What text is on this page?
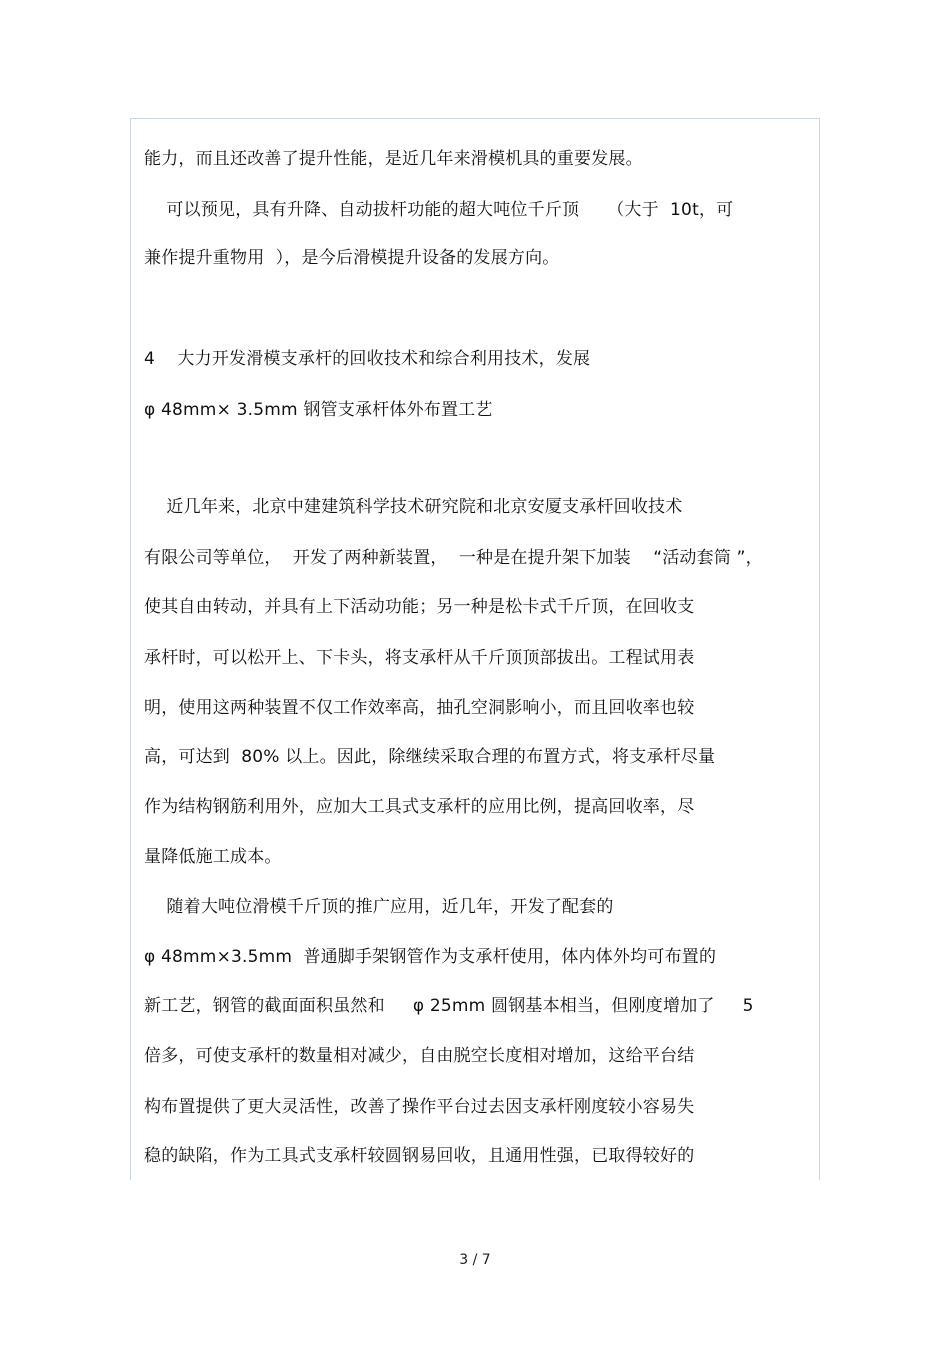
能力，而且还改善了提升性能，是近几年来滑模机具的重要发展。
可以预见，具有升降、自动拔杆功能的超大吨位千斤顶     （大于  10t，可
兼作提升重物用  ），是今后滑模提升设备的发展方向。
4    大力开发滑模支承杆的回收技术和综合利用技术，发展
φ 48mm× 3.5mm 钢管支承杆体外布置工艺
近几年来，北京中建建筑科学技术研究院和北京安厦支承杆回收技术
有限公司等单位，  开发了两种新装置，  一种是在提升架下加装    “活动套筒 ”，
使其自由转动，并具有上下活动功能；另一种是松卡式千斤顶，在回收支
承杆时，可以松开上、下卡头，将支承杆从千斤顶顶部拔出。工程试用表
明，使用这两种装置不仅工作效率高，抽孔空洞影响小，而且回收率也较
高，可达到  80% 以上。因此，除继续采取合理的布置方式，将支承杆尽量
作为结构钢筋利用外，应加大工具式支承杆的应用比例，提高回收率，尽
量降低施工成本。
随着大吨位滑模千斤顶的推广应用，近几年，开发了配套的
φ 48mm×3.5mm  普通脚手架钢管作为支承杆使用，体内体外均可布置的
新工艺，钢管的截面面积虽然和     φ 25mm 圆钢基本相当，但刚度增加了     5
倍多，可使支承杆的数量相对减少，自由脱空长度相对增加，这给平台结
构布置提供了更大灵活性，改善了操作平台过去因支承杆刚度较小容易失
稳的缺陷，作为工具式支承杆较圆钢易回收，且通用性强，已取得较好的
3 / 7
